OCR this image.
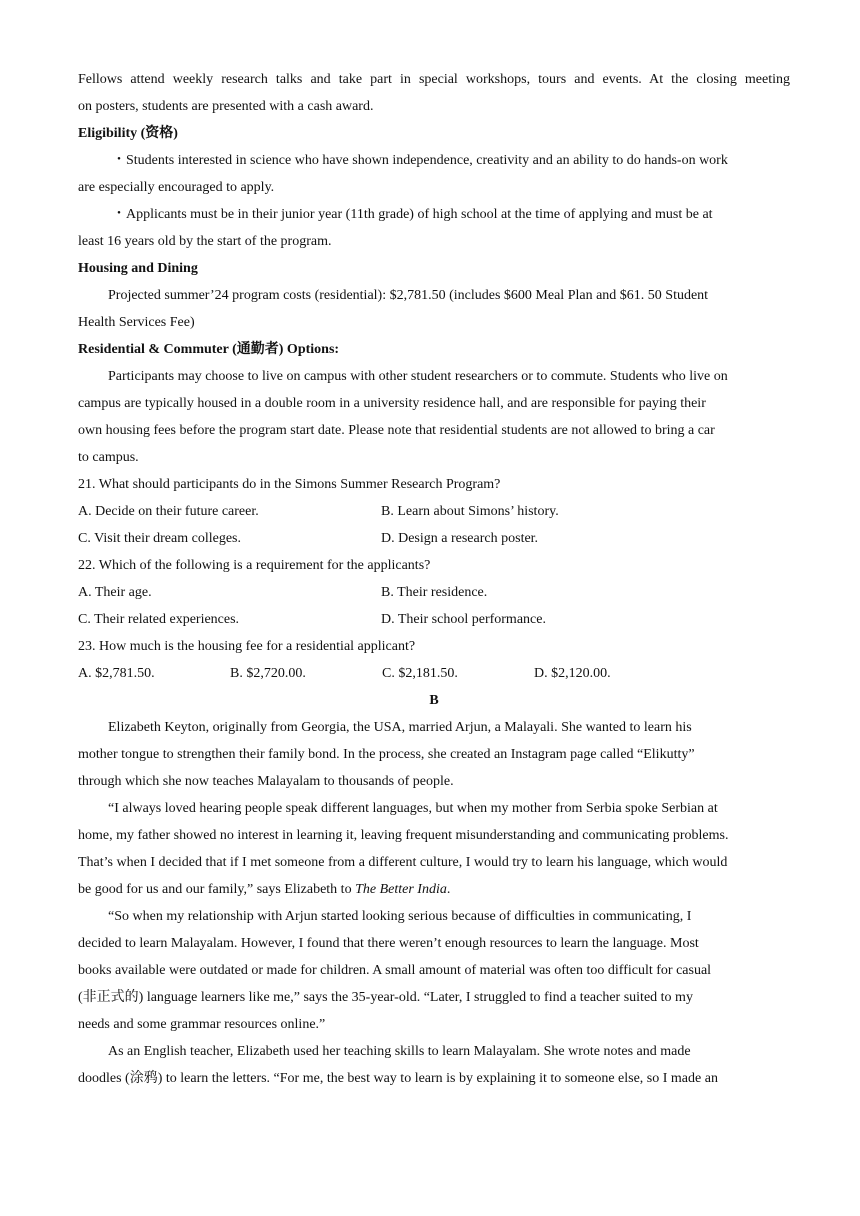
Fellows attend weekly research talks and take part in special workshops, tours and events. At the closing meeting
on posters, students are presented with a cash award.
Eligibility (资格)
・Students interested in science who have shown independence, creativity and an ability to do hands-on work
are especially encouraged to apply.
・Applicants must be in their junior year (11th grade) of high school at the time of applying and must be at
least 16 years old by the start of the program.
Housing and Dining
Projected summer’24 program costs (residential): $2,781.50 (includes $600 Meal Plan and $61. 50 Student
Health Services Fee)
Residential & Commuter (通勤者) Options:
Participants may choose to live on campus with other student researchers or to commute. Students who live on
campus are typically housed in a double room in a university residence hall, and are responsible for paying their
own housing fees before the program start date. Please note that residential students are not allowed to bring a car
to campus.
21. What should participants do in the Simons Summer Research Program?
A. Decide on their future career.	B. Learn about Simons’ history.
C. Visit their dream colleges.	D. Design a research poster.
22. Which of the following is a requirement for the applicants?
A. Their age.	B. Their residence.
C. Their related experiences.	D. Their school performance.
23. How much is the housing fee for a residential applicant?
A. $2,781.50.	B. $2,720.00.	C. $2,181.50.	D. $2,120.00.
B
Elizabeth Keyton, originally from Georgia, the USA, married Arjun, a Malayali. She wanted to learn his
mother tongue to strengthen their family bond. In the process, she created an Instagram page called “Elikutty”
through which she now teaches Malayalam to thousands of people.
“I always loved hearing people speak different languages, but when my mother from Serbia spoke Serbian at
home, my father showed no interest in learning it, leaving frequent misunderstanding and communicating problems.
That’s when I decided that if I met someone from a different culture, I would try to learn his language, which would
be good for us and our family,” says Elizabeth to The Better India.
“So when my relationship with Arjun started looking serious because of difficulties in communicating, I
decided to learn Malayalam. However, I found that there weren’t enough resources to learn the language. Most
books available were outdated or made for children. A small amount of material was often too difficult for casual
(非正式的) language learners like me,” says the 35-year-old. “Later, I struggled to find a teacher suited to my
needs and some grammar resources online.”
As an English teacher, Elizabeth used her teaching skills to learn Malayalam. She wrote notes and made
doodles (涂鸦) to learn the letters. “For me, the best way to learn is by explaining it to someone else, so I made an
